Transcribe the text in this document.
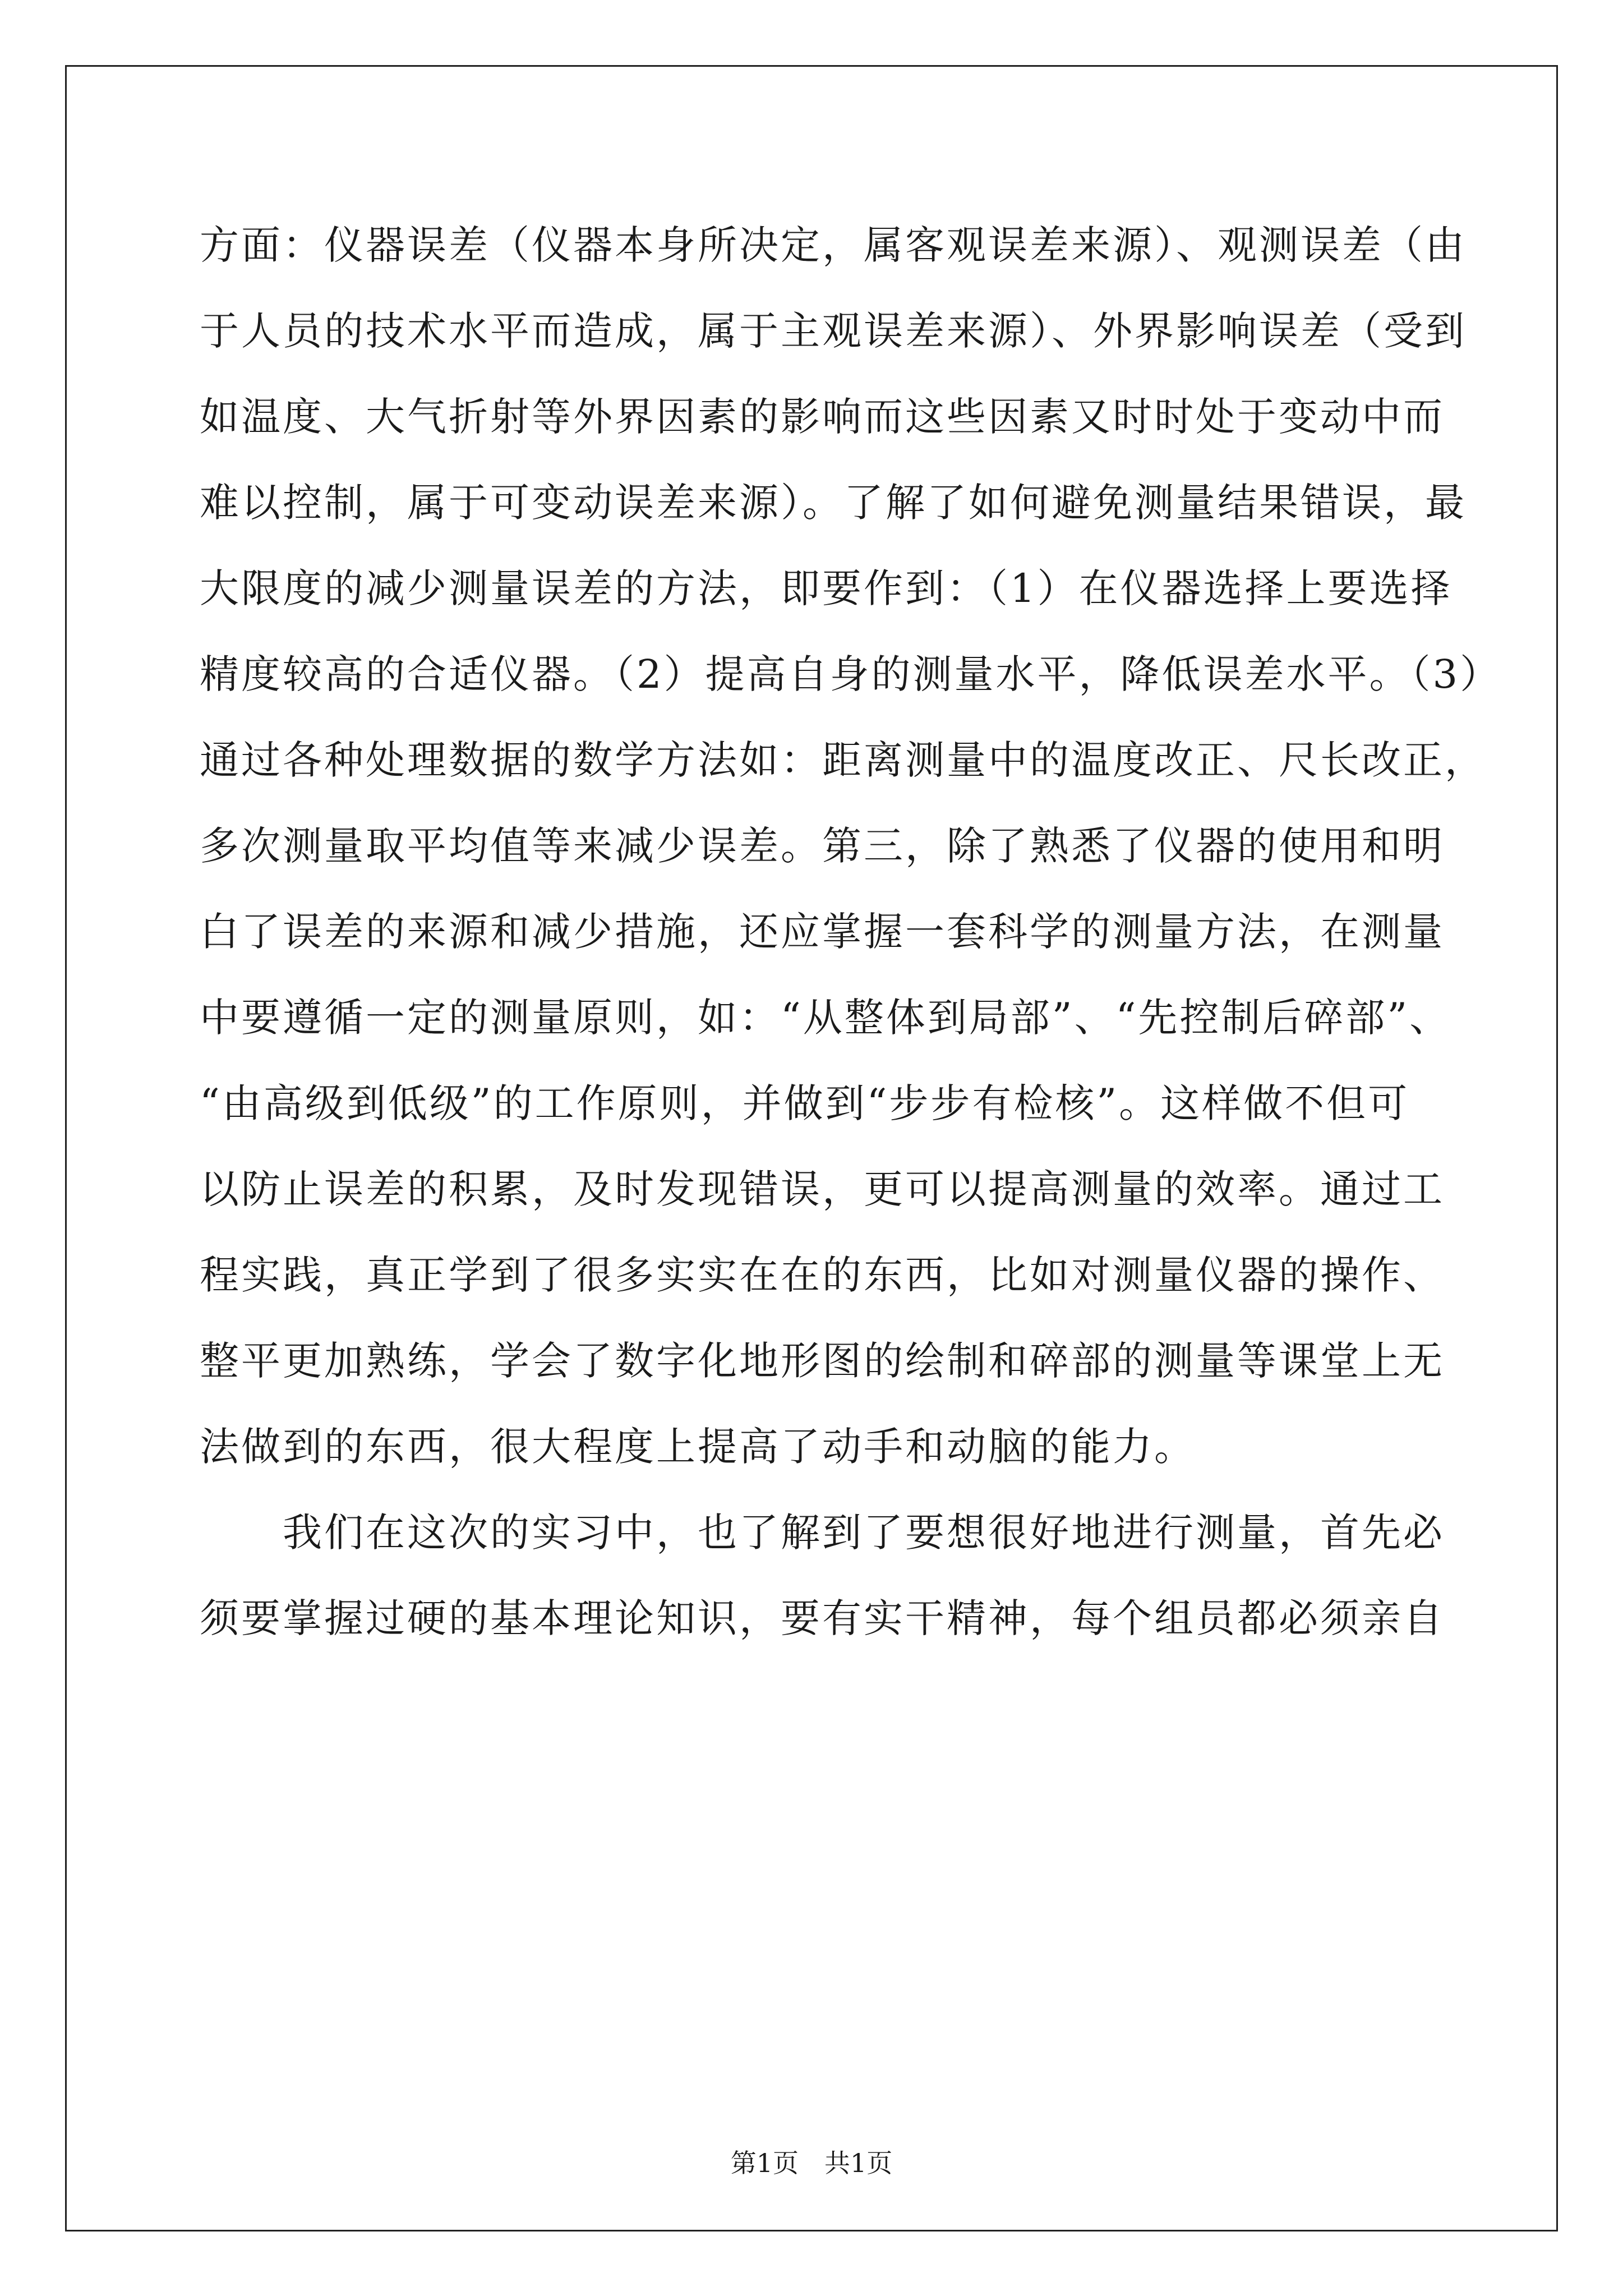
方面：仪器误差（仪器本身所决定，属客观误差来源）、观测误差（由
于人员的技术水平而造成，属于主观误差来源）、外界影响误差（受到
如温度、大气折射等外界因素的影响而这些因素又时时处于变动中而
难以控制，属于可变动误差来源）。了解了如何避免测量结果错误，最
大限度的减少测量误差的方法，即要作到：（1）在仪器选择上要选择
精度较高的合适仪器。（2）提高自身的测量水平，降低误差水平。（3）
通过各种处理数据的数学方法如：距离测量中的温度改正、尺长改正，
多次测量取平均值等来减少误差。第三，除了熟悉了仪器的使用和明
白了误差的来源和减少措施，还应掌握一套科学的测量方法，在测量
中要遵循一定的测量原则，如：“从整体到局部”、“先控制后碎部”、
“由高级到低级”的工作原则，并做到“步步有检核”。这样做不但可
以防止误差的积累，及时发现错误，更可以提高测量的效率。通过工
程实践，真正学到了很多实实在在的东西，比如对测量仪器的操作、
整平更加熟练，学会了数字化地形图的绘制和碎部的测量等课堂上无
法做到的东西，很大程度上提高了动手和动脑的能力。
　　我们在这次的实习中，也了解到了要想很好地进行测量，首先必
须要掌握过硬的基本理论知识，要有实干精神，每个组员都必须亲自
第1页　共1页
